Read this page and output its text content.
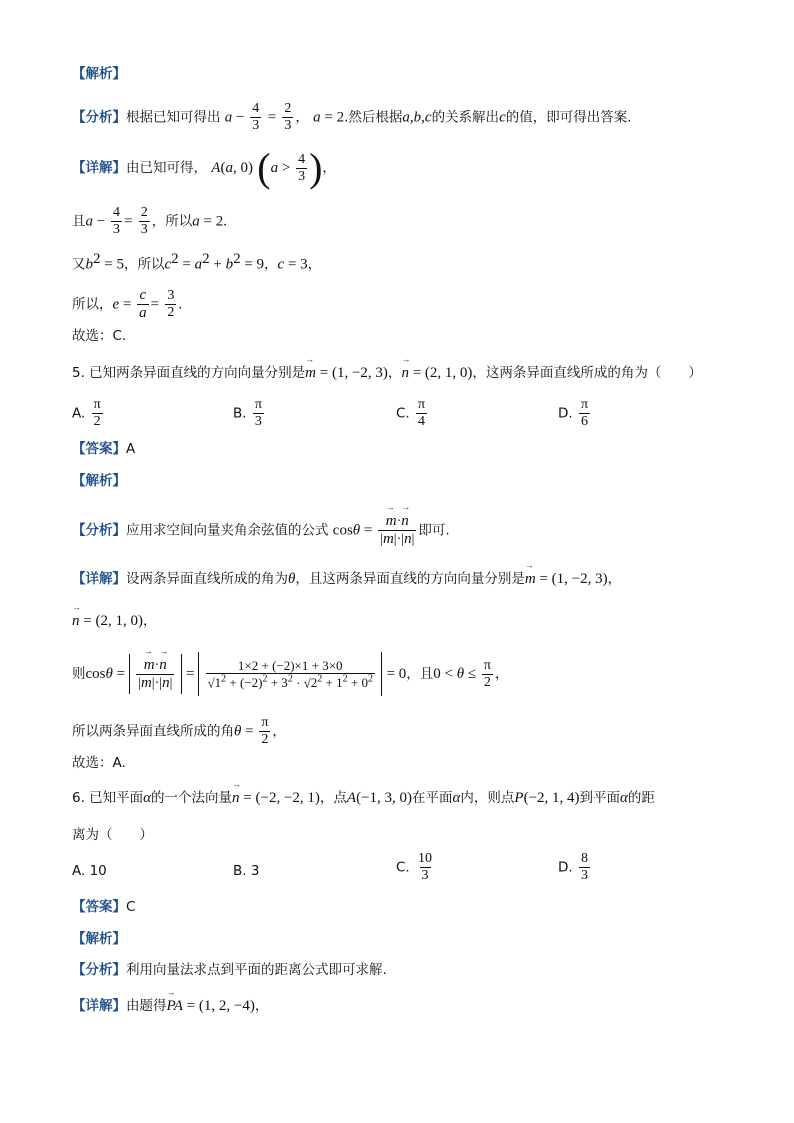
【解析】
【分析】根据已知可得出 $a - \frac{4}{3} = \frac{2}{3}$ ， a = 2.然后根据a,b,c的关系解出c的值，即可得出答案.
【详解】由已知可得， A(a, 0) ($a > \frac{4}{3}$ )，
且$a - \frac{4}{3} = \frac{2}{3}$ ，所以a = 2.
又$b^2 = 5$，所以$c^2 = a^2 + b^2 = 9$，c = 3，
所以，$e = \frac{c}{a} = \frac{3}{2}$ .
故选：C.
5. 已知两条异面直线的方向向量分别是→ m = (1, −2, 3)，→ n = (2, 1, 0)，这两条异面直线所成的角为（　　）
A. $\frac{\pi}{2}$	B. $\frac{\pi}{3}$	C. $\frac{\pi}{4}$	D. $\frac{\pi}{6}$
【答案】A
【解析】
【分析】应用求空间向量夹角余弦值的公式 cosθ = → $\frac{m\cdot\to n}{|m|\cdot|n|}$ 即可.
【详解】设两条异面直线所成的角为θ，且这两条异面直线的方向向量分别是→ m = (1, −2, 3)，
→ n = (2, 1, 0)，
则cosθ = → $\frac{m\cdot\to n}{|m|\cdot|n|} = \frac{1\times 2 + (-2)\times 1 + 3\times 0}{√1^2 + (-2)^2 + 3^2 \cdot √2^2 + 1^2 + 0^2} = 0$，且$0 < \theta \le \frac{\pi}{2}$ ，
所以两条异面直线所成的角$\theta = \frac{\pi}{2}$ ，
故选：A.
6. 已知平面α的一个法向量→ n = (−2, −2, 1)，点A(−1, 3, 0)在平面α内，则点P(−2, 1, 4)到平面α的距
离为（　　）
A. 10	B. 3	C. $\frac{10}{3}$	D. $\frac{8}{3}$
【答案】C
【解析】
【分析】利用向量法求点到平面的距离公式即可求解.
【详解】由题得→ PA = (1, 2, −4)，
